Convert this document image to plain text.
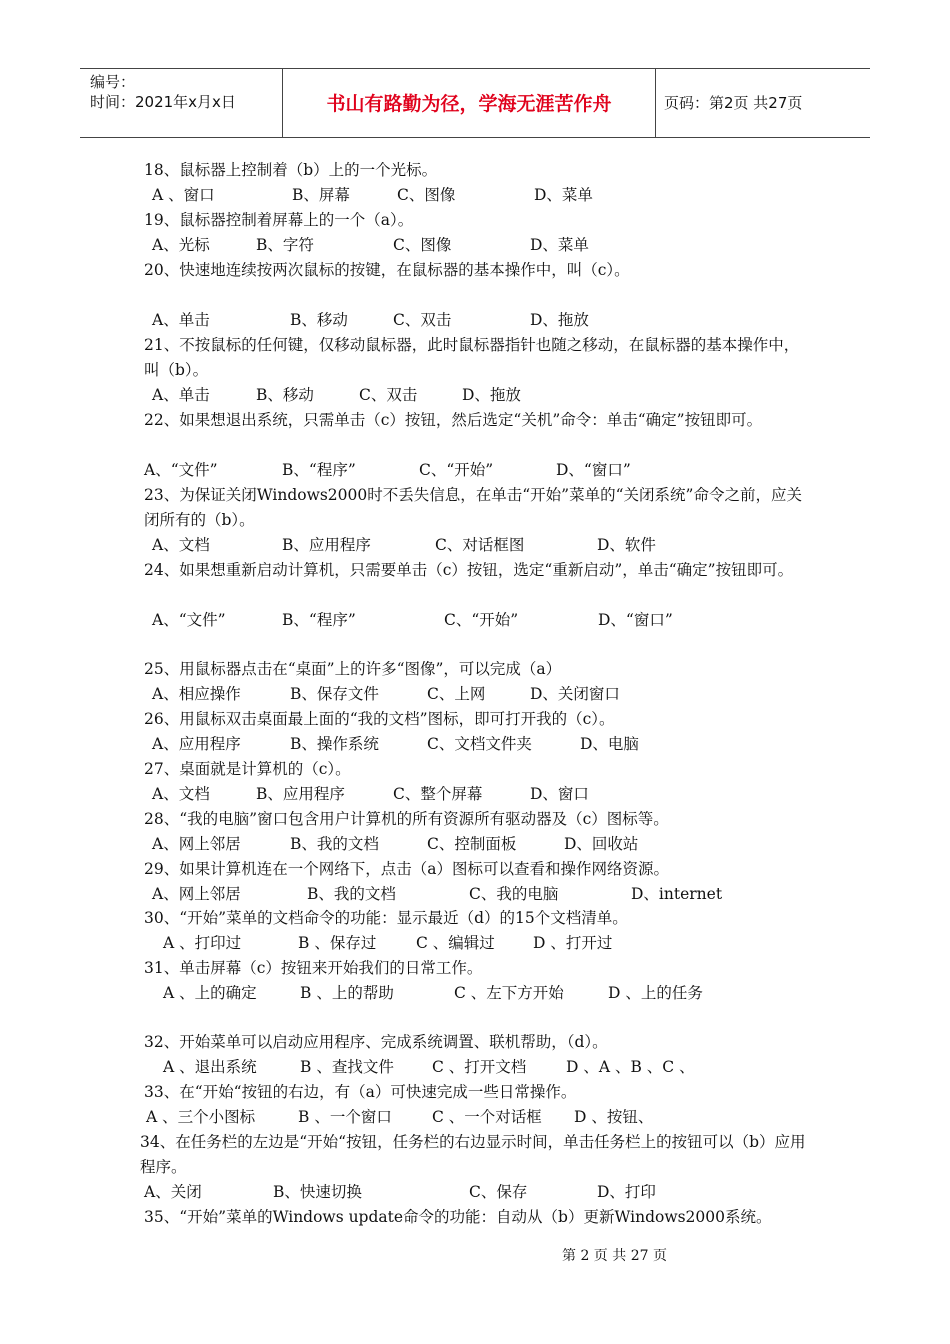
编号：
时间：2021年x月x日	书山有路勤为径，学海无涯苦作舟	页码：第2页 共27页
18、鼠标器上控制着（b）上的一个光标。
A 、窗口	B、屏幕	C、图像	D、菜单
19、鼠标器控制着屏幕上的一个（a）。
A、光标	B、字符	C、图像	D、菜单
20、快速地连续按两次鼠标的按键，在鼠标器的基本操作中，叫（c）。
A、单击	B、移动	C、双击	D、拖放
21、不按鼠标的任何键，仅移动鼠标器，此时鼠标器指针也随之移动，在鼠标器的基本操作中，叫（b）。
A、单击	B、移动	C、双击	D、拖放
22、如果想退出系统，只需单击（c）按钮，然后选定“关机”命令：单击“确定”按钮即可。
A、“文件”	B、“程序”	C、“开始”	D、“窗口”
23、为保证关闭Windows2000时不丢失信息，在单击“开始”菜单的“关闭系统”命令之前，应关闭所有的（b）。
A、文档	B、应用程序	C、对话框图	D、软件
24、如果想重新启动计算机，只需要单击（c）按钮，选定“重新启动”，单击“确定”按钮即可。
A、“文件”	B、“程序”	C、“开始”	D、“窗口”
25、用鼠标器点击在“桌面”上的许多“图像”，可以完成（a）
A、相应操作	B、保存文件	C、上网	D、关闭窗口
26、用鼠标双击桌面最上面的“我的文档”图标，即可打开我的（c）。
A、应用程序	B、操作系统	C、文档文件夹	D、电脑
27、桌面就是计算机的（c）。
A、文档	B、应用程序	C、整个屏幕	D、窗口
28、“我的电脑”窗口包含用户计算机的所有资源所有驱动器及（c）图标等。
A、网上邻居	B、我的文档	C、控制面板	D、回收站
29、如果计算机连在一个网络下，点击（a）图标可以查看和操作网络资源。
A、网上邻居	B、我的文档	C、我的电脑	D、internet
30、“开始”菜单的文档命令的功能：显示最近（d）的15个文档清单。
A 、打印过	B 、保存过	C 、编辑过 D 、打开过
31、单击屏幕（c）按钮来开始我们的日常工作。
A 、上的确定	B 、上的帮助	C 、左下方开始	D 、上的任务
32、开始菜单可以启动应用程序、完成系统调置、联机帮助，（d）。
A 、退出系统	B 、查找文件 C 、打开文档	D 、A 、B 、C 、
33、在“开始“按钮的右边，有（a）可快速完成一些日常操作。
A 、三个小图标	B 、一个窗口	C 、一个对话框 D 、按钮、
34、在任务栏的左边是“开始“按钮，任务栏的右边显示时间，单击任务栏上的按钮可以（b）应用程序。
A、关闭	B、快速切换	C、保存	D、打印
35、“开始”菜单的Windows update命令的功能：自动从（b）更新Windows2000系统。
第 2 页 共 27 页
